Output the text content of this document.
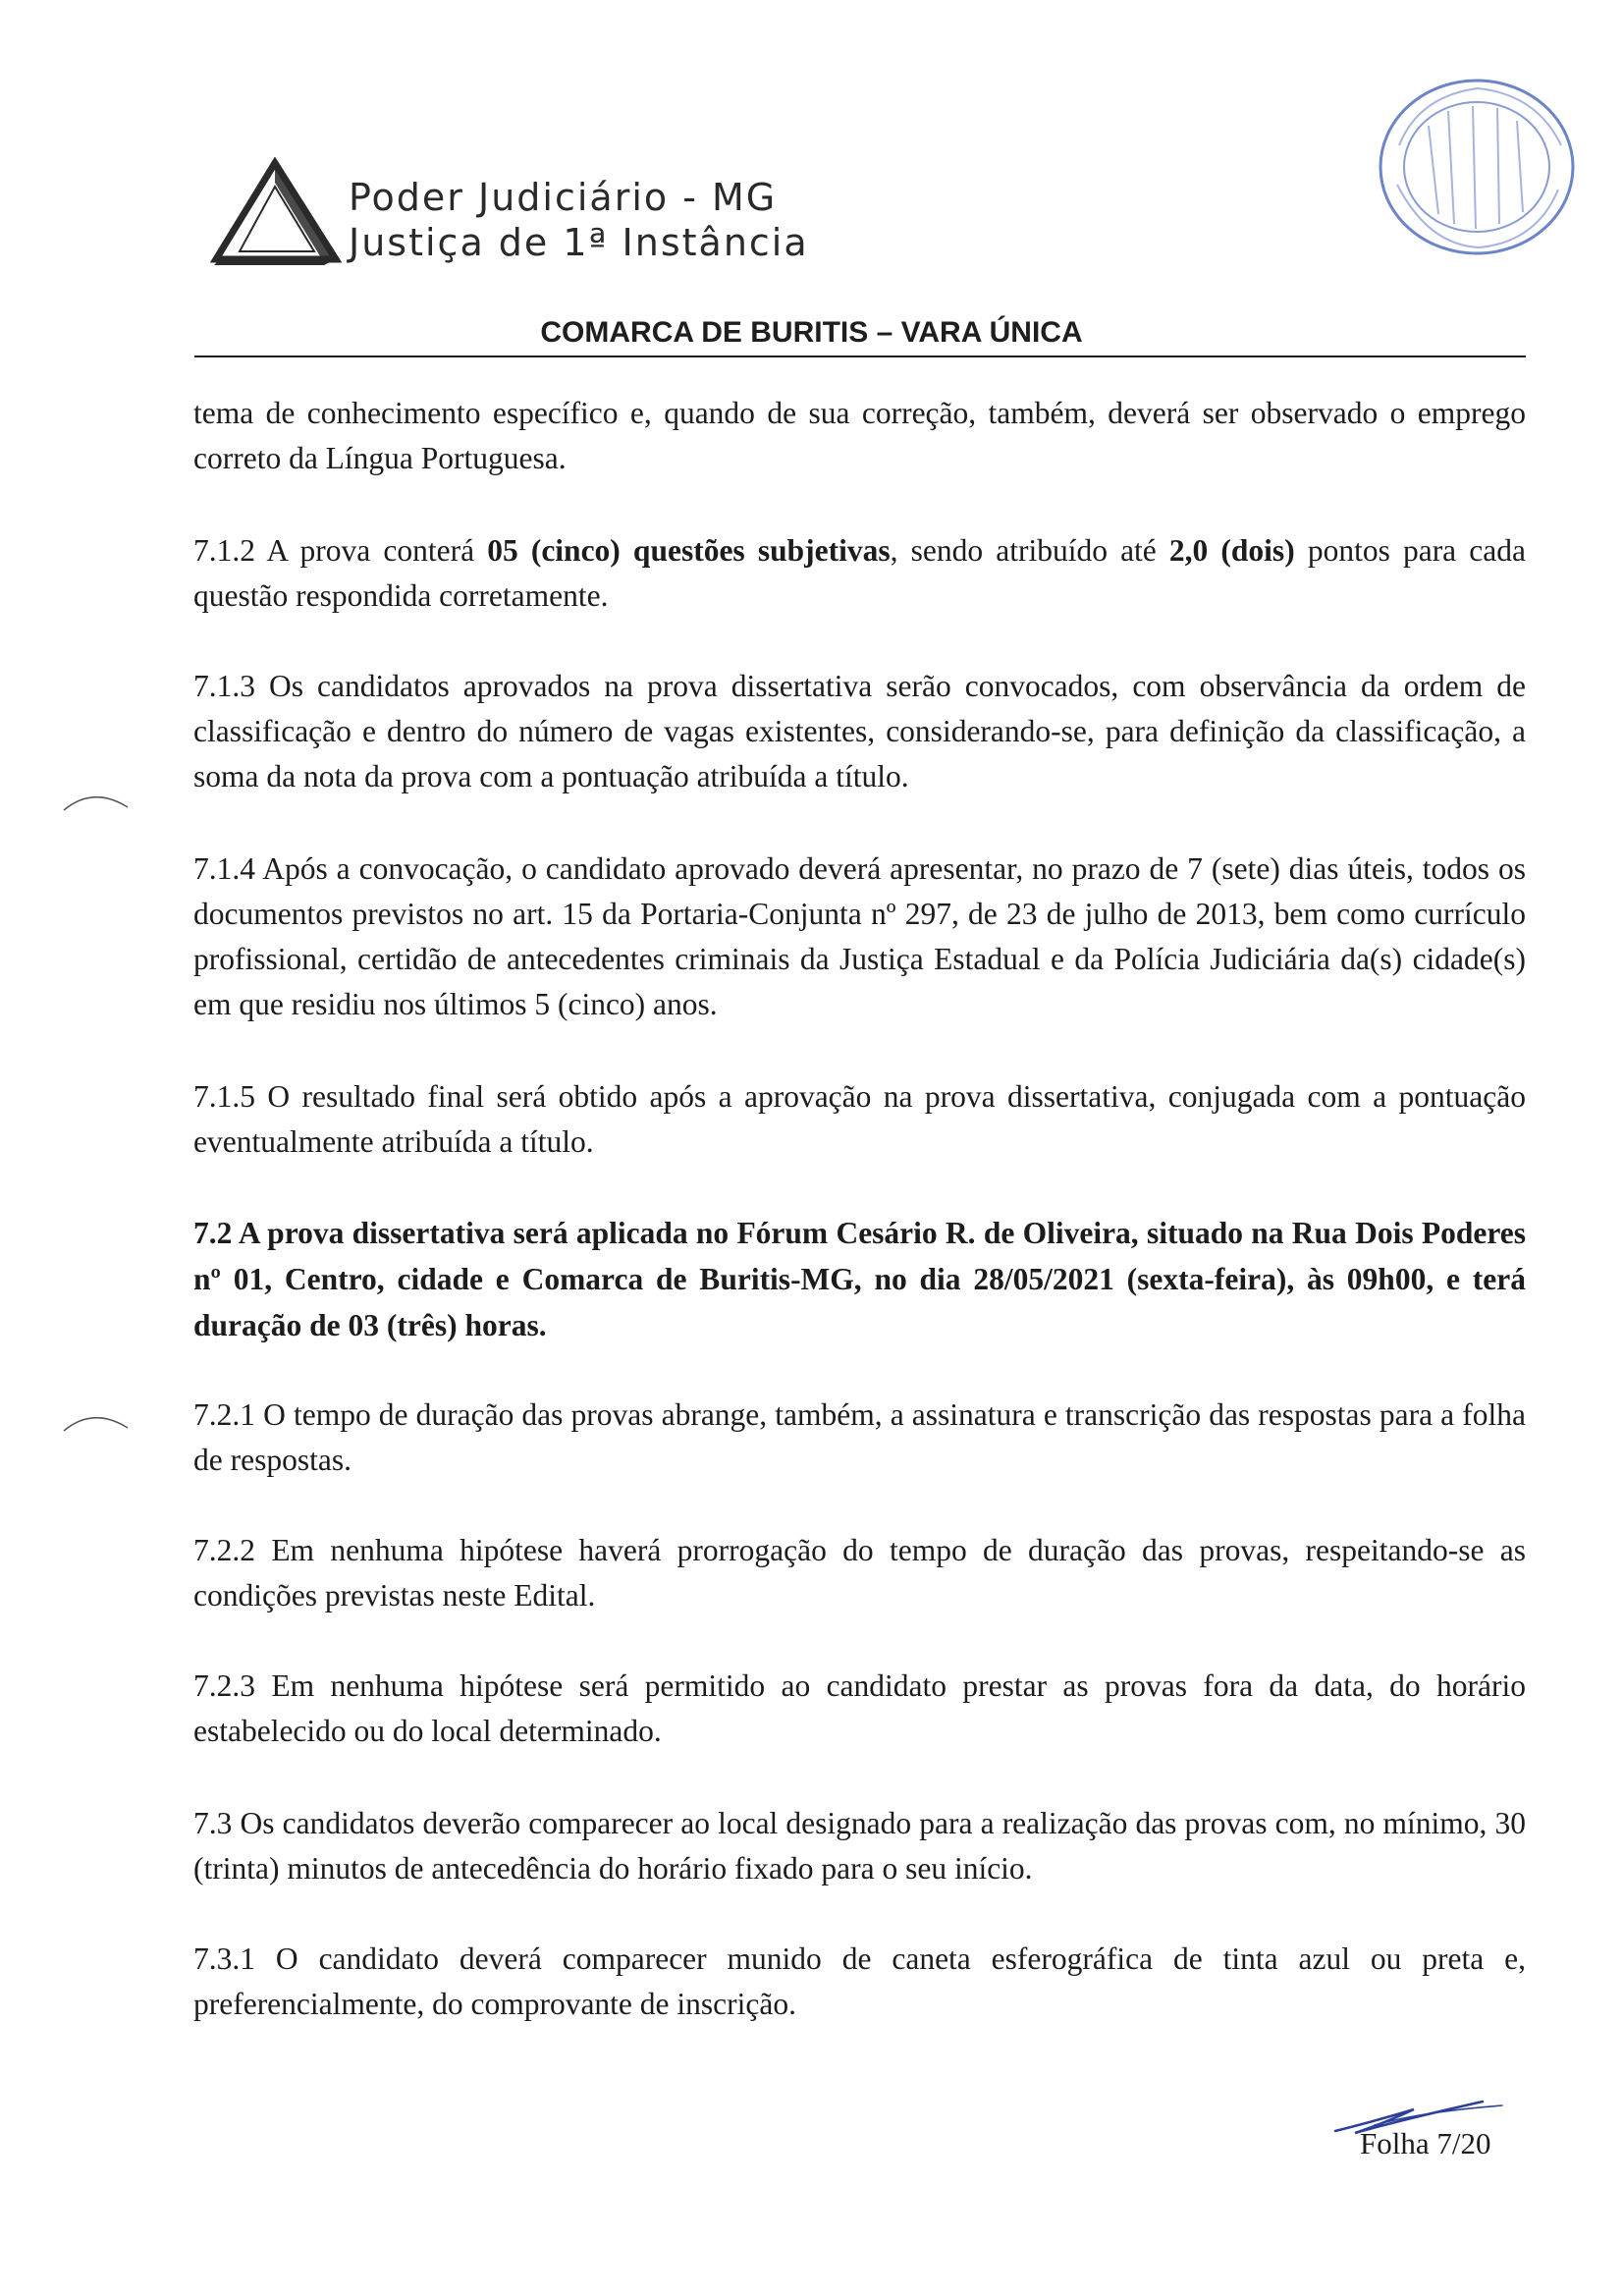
Poder Judiciário - MG
Justiça de 1ª Instância
COMARCA DE BURITIS – VARA ÚNICA
tema de conhecimento específico e, quando de sua correção, também, deverá ser observado o emprego correto da Língua Portuguesa.
7.1.2 A prova conterá 05 (cinco) questões subjetivas, sendo atribuído até 2,0 (dois) pontos para cada questão respondida corretamente.
7.1.3 Os candidatos aprovados na prova dissertativa serão convocados, com observância da ordem de classificação e dentro do número de vagas existentes, considerando-se, para definição da classificação, a soma da nota da prova com a pontuação atribuída a título.
7.1.4 Após a convocação, o candidato aprovado deverá apresentar, no prazo de 7 (sete) dias úteis, todos os documentos previstos no art. 15 da Portaria-Conjunta nº 297, de 23 de julho de 2013, bem como currículo profissional, certidão de antecedentes criminais da Justiça Estadual e da Polícia Judiciária da(s) cidade(s) em que residiu nos últimos 5 (cinco) anos.
7.1.5 O resultado final será obtido após a aprovação na prova dissertativa, conjugada com a pontuação eventualmente atribuída a título.
7.2 A prova dissertativa será aplicada no Fórum Cesário R. de Oliveira, situado na Rua Dois Poderes nº 01, Centro, cidade e Comarca de Buritis-MG, no dia 28/05/2021 (sexta-feira), às 09h00, e terá duração de 03 (três) horas.
7.2.1 O tempo de duração das provas abrange, também, a assinatura e transcrição das respostas para a folha de respostas.
7.2.2 Em nenhuma hipótese haverá prorrogação do tempo de duração das provas, respeitando-se as condições previstas neste Edital.
7.2.3 Em nenhuma hipótese será permitido ao candidato prestar as provas fora da data, do horário estabelecido ou do local determinado.
7.3 Os candidatos deverão comparecer ao local designado para a realização das provas com, no mínimo, 30 (trinta) minutos de antecedência do horário fixado para o seu início.
7.3.1 O candidato deverá comparecer munido de caneta esferográfica de tinta azul ou preta e, preferencialmente, do comprovante de inscrição.
Folha 7/20
